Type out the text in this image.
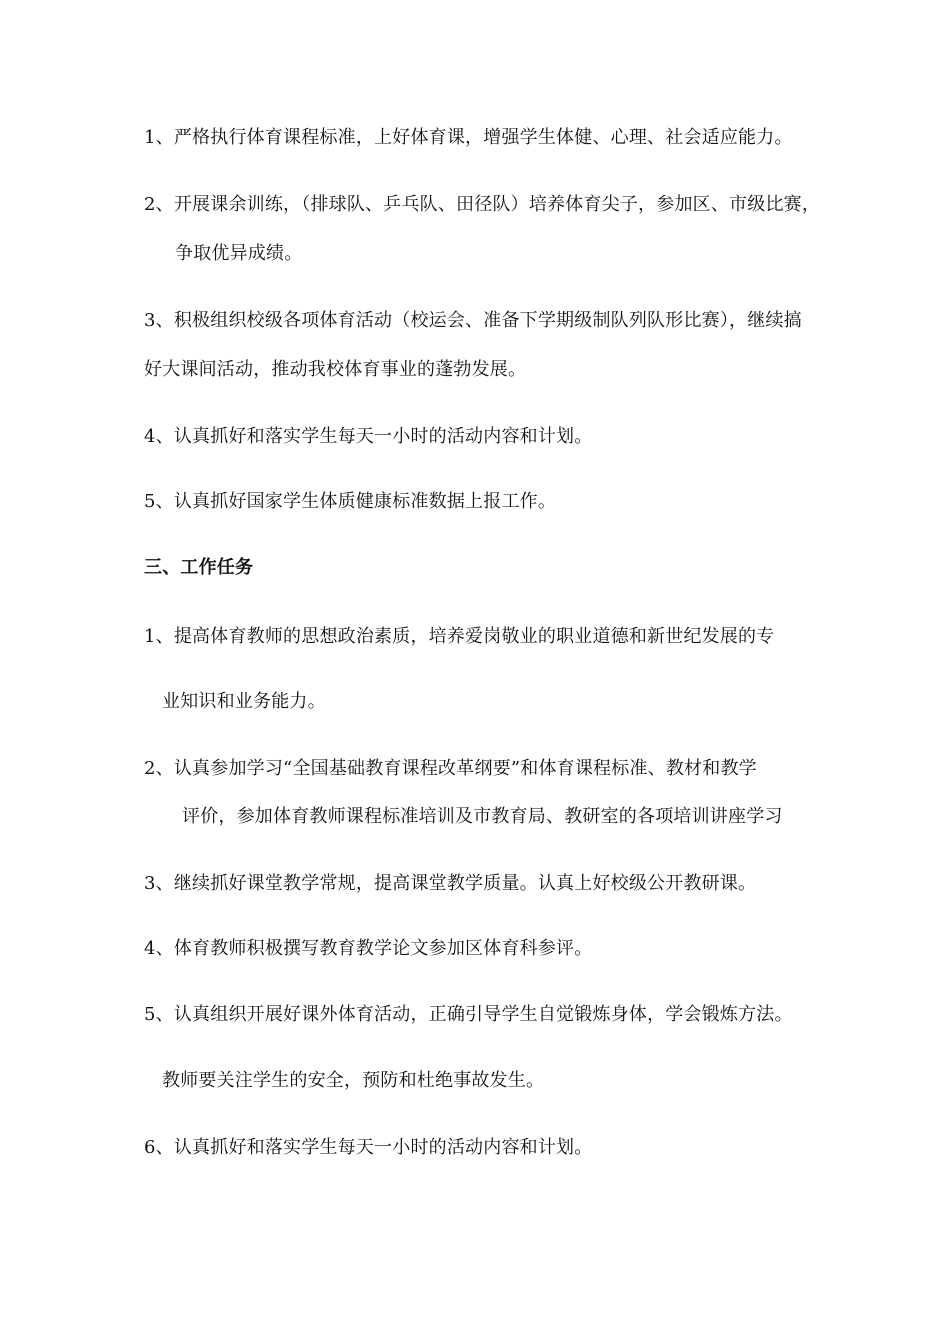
1、严格执行体育课程标准，上好体育课，增强学生体健、心理、社会适应能力。
2、开展课余训练，（排球队、乒乓队、田径队）培养体育尖子，参加区、市级比赛，
争取优异成绩。
3、积极组织校级各项体育活动（校运会、准备下学期级制队列队形比赛），继续搞
好大课间活动，推动我校体育事业的蓬勃发展。
4、认真抓好和落实学生每天一小时的活动内容和计划。
5、认真抓好国家学生体质健康标准数据上报工作。
三、工作任务
1、提高体育教师的思想政治素质，培养爱岗敬业的职业道德和新世纪发展的专
业知识和业务能力。
2、认真参加学习“全国基础教育课程改革纲要”和体育课程标准、教材和教学
评价，参加体育教师课程标准培训及市教育局、教研室的各项培训讲座学习
3、继续抓好课堂教学常规，提高课堂教学质量。认真上好校级公开教研课。
4、体育教师积极撰写教育教学论文参加区体育科参评。
5、认真组织开展好课外体育活动，正确引导学生自觉锻炼身体，学会锻炼方法。
教师要关注学生的安全，预防和杜绝事故发生。
6、认真抓好和落实学生每天一小时的活动内容和计划。
